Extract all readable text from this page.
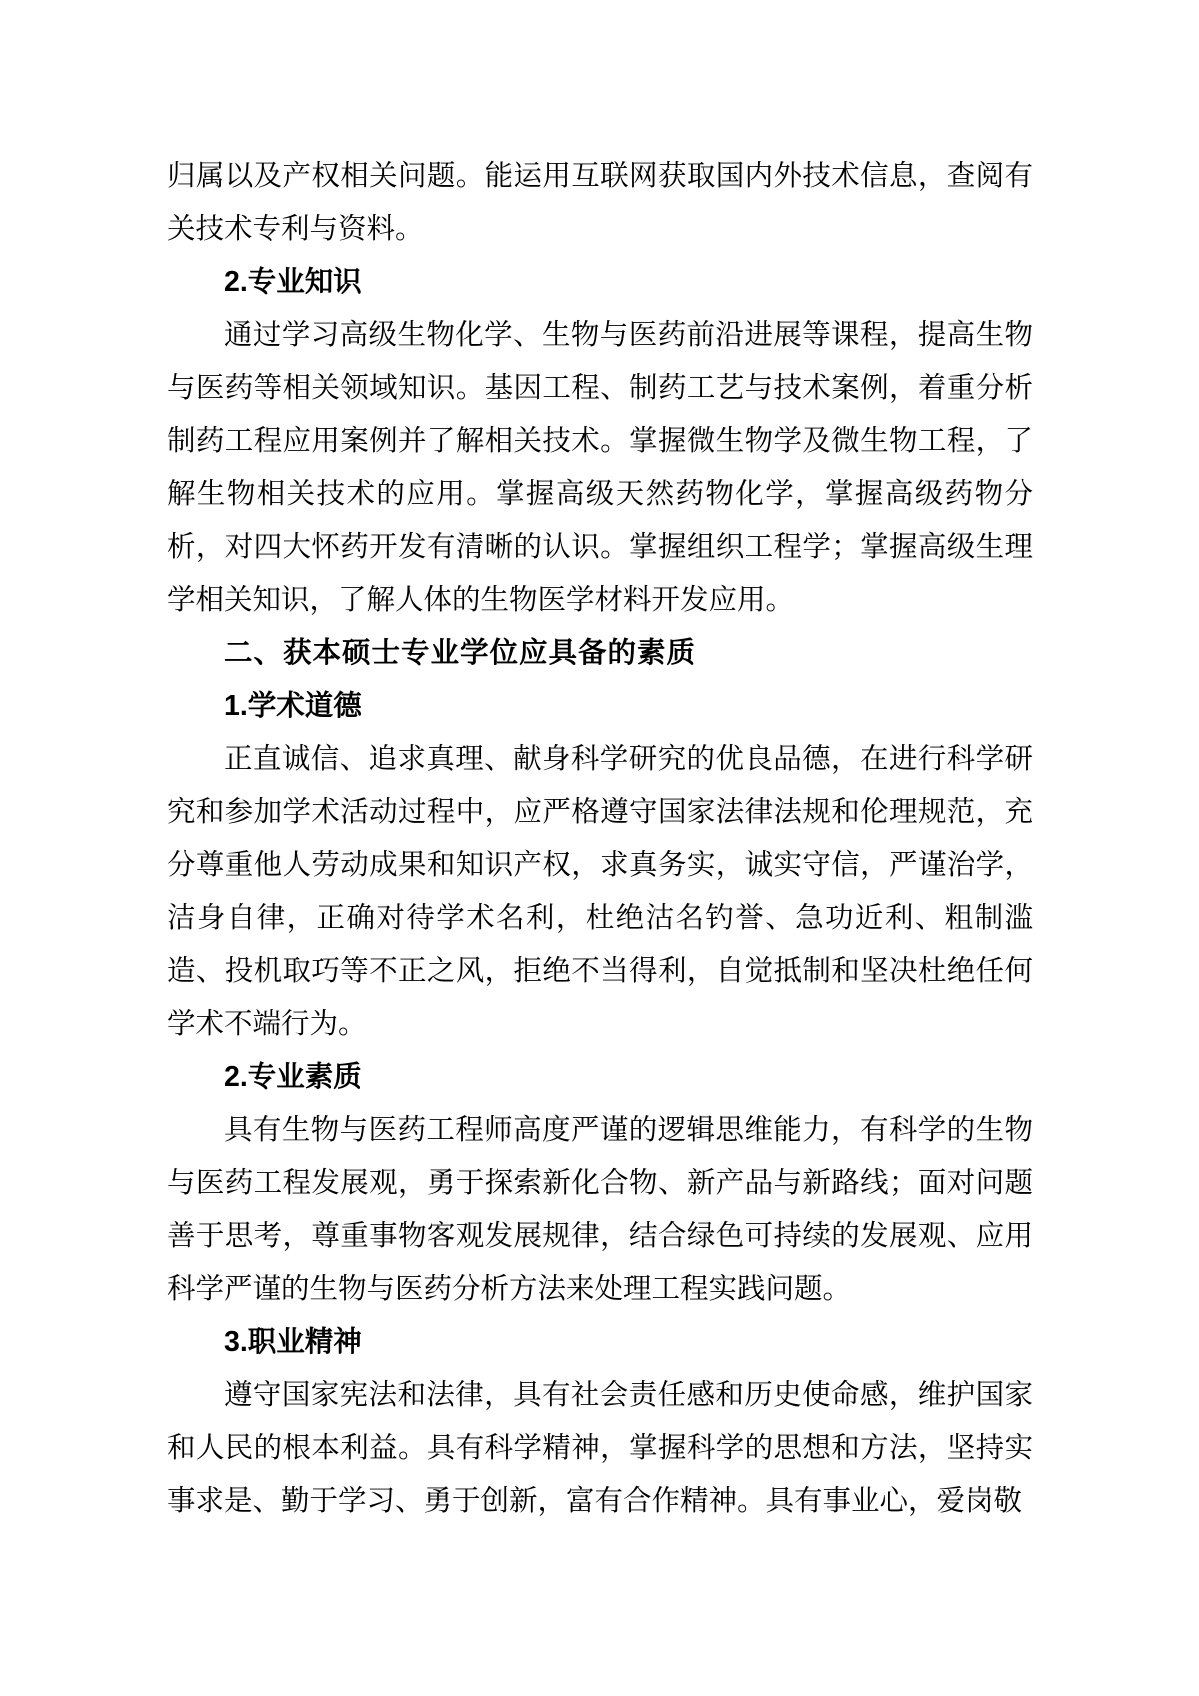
归属以及产权相关问题。能运用互联网获取国内外技术信息，查阅有关技术专利与资料。

2.专业知识

通过学习高级生物化学、生物与医药前沿进展等课程，提高生物与医药等相关领域知识。基因工程、制药工艺与技术案例，着重分析制药工程应用案例并了解相关技术。掌握微生物学及微生物工程，了解生物相关技术的应用。掌握高级天然药物化学，掌握高级药物分析，对四大怀药开发有清晰的认识。掌握组织工程学；掌握高级生理学相关知识，了解人体的生物医学材料开发应用。

二、获本硕士专业学位应具备的素质
1.学术道德

正直诚信、追求真理、献身科学研究的优良品德，在进行科学研究和参加学术活动过程中，应严格遵守国家法律法规和伦理规范，充分尊重他人劳动成果和知识产权，求真务实，诚实守信，严谨治学，洁身自律，正确对待学术名利，杜绝沽名钓誉、急功近利、粗制滥造、投机取巧等不正之风，拒绝不当得利，自觉抵制和坚决杜绝任何学术不端行为。

2.专业素质

具有生物与医药工程师高度严谨的逻辑思维能力，有科学的生物与医药工程发展观，勇于探索新化合物、新产品与新路线；面对问题善于思考，尊重事物客观发展规律，结合绿色可持续的发展观、应用科学严谨的生物与医药分析方法来处理工程实践问题。

3.职业精神

遵守国家宪法和法律，具有社会责任感和历史使命感，维护国家和人民的根本利益。具有科学精神，掌握科学的思想和方法，坚持实事求是、勤于学习、勇于创新，富有合作精神。具有事业心，爱岗敬
